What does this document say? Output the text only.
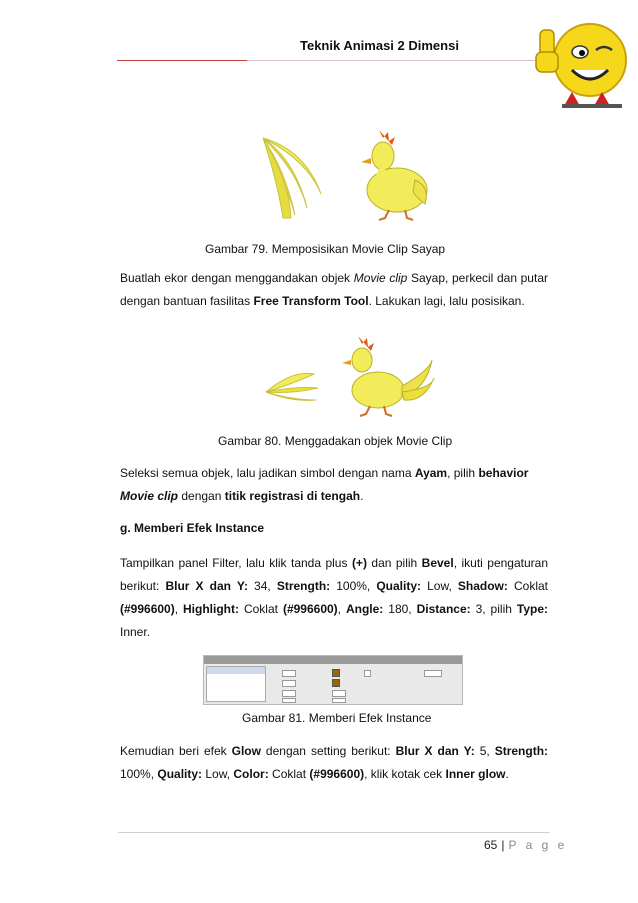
Teknik Animasi 2 Dimensi
Gambar 79. Memposisikan Movie Clip Sayap
Buatlah ekor dengan menggandakan objek Movie clip Sayap, perkecil dan putar dengan bantuan fasilitas Free Transform Tool. Lakukan lagi, lalu posisikan.
Gambar 80. Menggadakan objek Movie Clip
Seleksi semua objek, lalu jadikan simbol dengan nama Ayam, pilih behavior
Movie clip dengan titik registrasi di tengah.
g. Memberi Efek Instance
Tampilkan panel Filter, lalu klik tanda plus (+) dan pilih Bevel, ikuti pengaturan berikut: Blur X dan Y: 34, Strength: 100%, Quality: Low, Shadow: Coklat (#996600), Highlight: Coklat (#996600), Angle: 180, Distance: 3, pilih Type: Inner.
Gambar 81. Memberi Efek Instance
Kemudian beri efek Glow dengan setting berikut: Blur X dan Y: 5, Strength: 100%, Quality: Low, Color: Coklat (#996600), klik kotak cek Inner glow.
65 | P a g e
